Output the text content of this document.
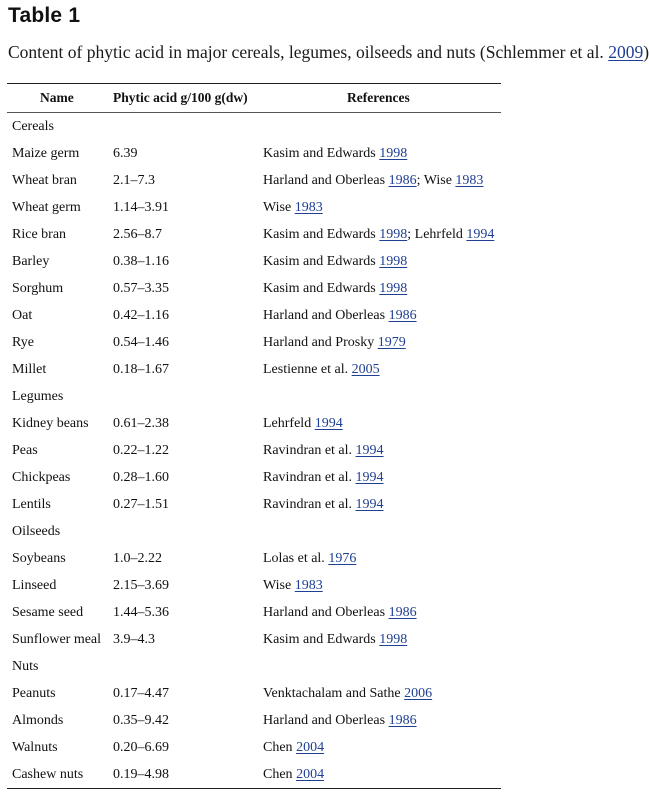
Table 1
Content of phytic acid in major cereals, legumes, oilseeds and nuts (Schlemmer et al. 2009)
Name	Phytic acid g/100 g(dw)	References
Cereals
Maize germ 6.39	Kasim and Edwards 1998
Wheat bran	2.1–7.3	Harland and Oberleas 1986; Wise 1983
Wheat germ 1.14–3.91	Wise 1983
Rice bran	2.56–8.7	Kasim and Edwards 1998; Lehrfeld 1994
Barley	0.38–1.16	Kasim and Edwards 1998
Sorghum	0.57–3.35	Kasim and Edwards 1998
Oat	0.42–1.16	Harland and Oberleas 1986
Rye	0.54–1.46	Harland and Prosky 1979
Millet	0.18–1.67	Lestienne et al. 2005
Legumes
Kidney beans 0.61–2.38	Lehrfeld 1994
Peas	0.22–1.22	Ravindran et al. 1994
Chickpeas	0.28–1.60	Ravindran et al. 1994
Lentils	0.27–1.51	Ravindran et al. 1994
Oilseeds
Soybeans	1.0–2.22	Lolas et al. 1976
Linseed	2.15–3.69	Wise 1983
Sesame seed 1.44–5.36	Harland and Oberleas 1986
Sunflower meal 3.9–4.3	Kasim and Edwards 1998
Nuts
Peanuts	0.17–4.47	Venktachalam and Sathe 2006
Almonds	0.35–9.42	Harland and Oberleas 1986
Walnuts	0.20–6.69	Chen 2004
Cashew nuts 0.19–4.98	Chen 2004
